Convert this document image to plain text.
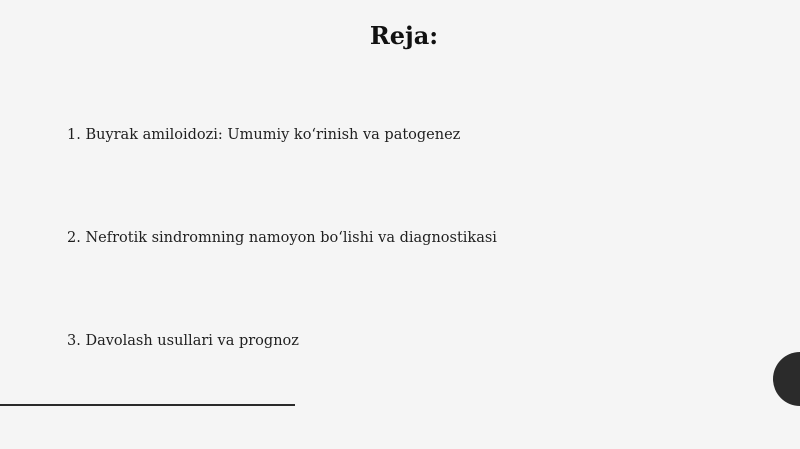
Reja:
1. Buyrak amiloidozi: Umumiy ko‘rinish va patogenez
2. Nefrotik sindromning namoyon bo‘lishi va diagnostikasi
3. Davolash usullari va prognoz
